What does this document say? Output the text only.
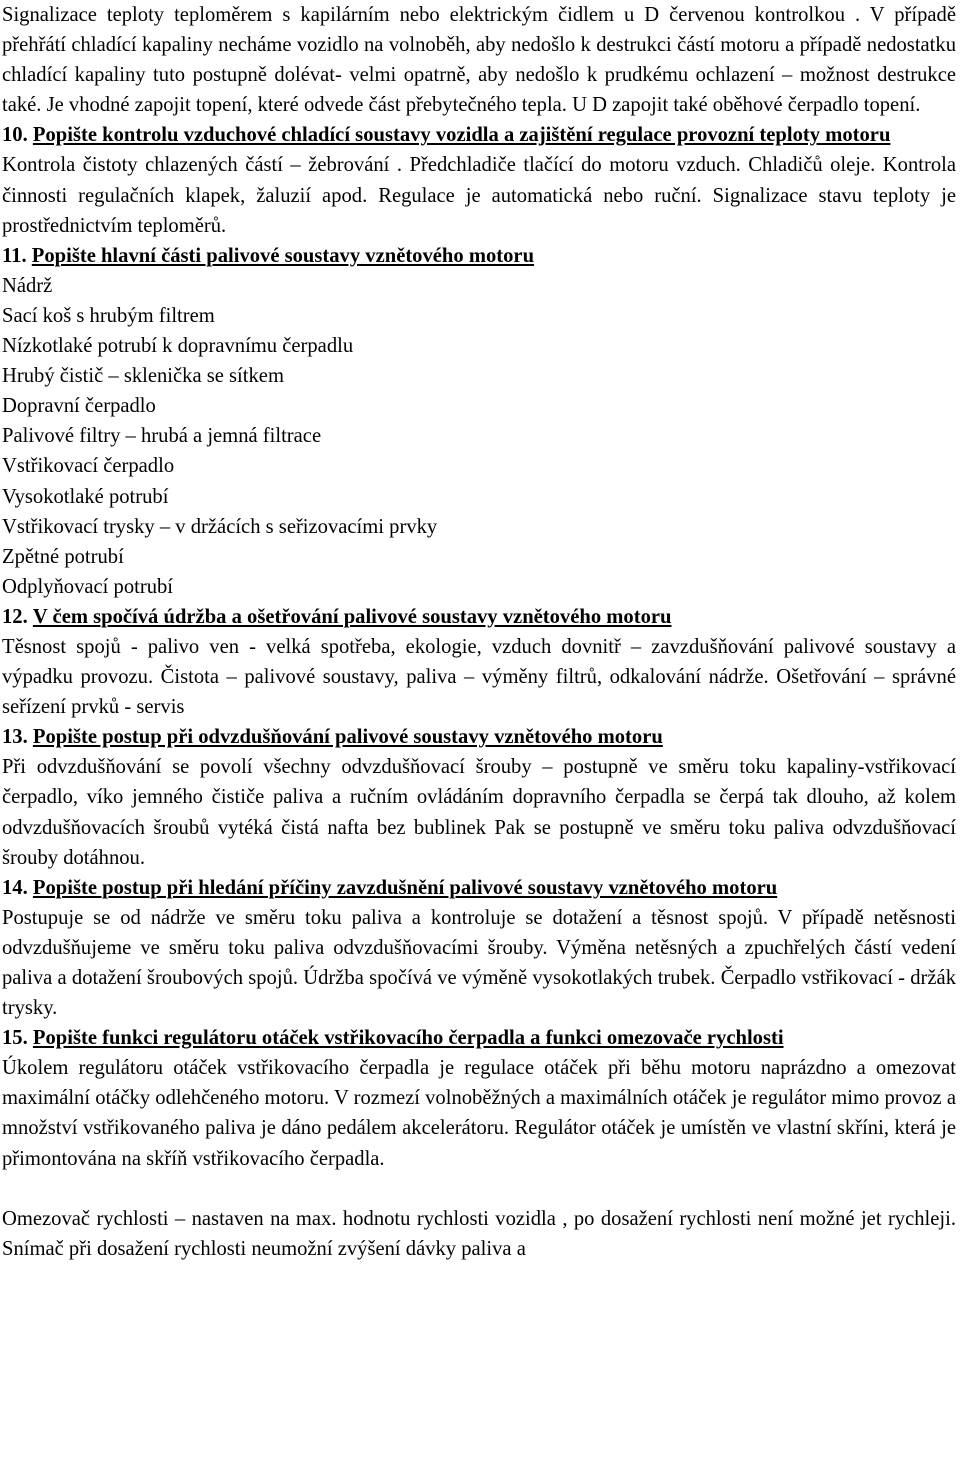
Signalizace teploty teploměrem s kapilárním nebo elektrickým čidlem u D červenou kontrolkou . V případě přehřátí chladící kapaliny necháme vozidlo na volnoběh, aby nedošlo k destrukci částí motoru a případě nedostatku chladící kapaliny tuto postupně dolévat- velmi opatrně, aby nedošlo k prudkému ochlazení – možnost destrukce také. Je vhodné zapojit topení, které odvede část přebytečného tepla. U D zapojit také oběhové čerpadlo topení.

10. Popište kontrolu vzduchové chladící soustavy vozidla a zajištění regulace provozní teploty motoru

Kontrola čistoty chlazených částí – žebrování . Předchladiče tlačící do motoru vzduch. Chladičů oleje. Kontrola činnosti regulačních klapek, žaluzií apod. Regulace je automatická nebo ruční. Signalizace stavu teploty je prostřednictvím teploměrů.

11. Popište hlavní části palivové soustavy vznětového motoru

Nádrž
Sací koš s hrubým filtrem
Nízkotlaké potrubí k dopravnímu čerpadlu
Hrubý čistič – sklenička se sítkem
Dopravní čerpadlo
Palivové filtry – hrubá a jemná filtrace
Vstřikovací čerpadlo
Vysokotlaké potrubí
Vstřikovací trysky – v držácích s seřizovacími prvky
Zpětné potrubí
Odplyňovací potrubí

12. V čem spočívá údržba a ošetřování palivové soustavy vznětového motoru

Těsnost spojů - palivo ven - velká spotřeba, ekologie, vzduch dovnitř – zavzdušňování palivové soustavy a výpadku provozu. Čistota – palivové soustavy, paliva – výměny filtrů, odkalování nádrže. Ošetřování – správné seřízení prvků - servis

13. Popište postup při odvzdušňování palivové soustavy vznětového motoru

Při odvzdušňování se povolí všechny odvzdušňovací šrouby – postupně ve směru toku kapaliny-vstřikovací čerpadlo, víko jemného čističe paliva a ručním ovládáním dopravního čerpadla se čerpá tak dlouho, až kolem odvzdušňovacích šroubů vytéká čistá nafta bez bublinek Pak se postupně ve směru toku paliva odvzdušňovací šrouby dotáhnou.

14. Popište postup při hledání příčiny zavzdušnění palivové soustavy vznětového motoru

Postupuje se od nádrže ve směru toku paliva a kontroluje se dotažení a těsnost spojů. V případě netěsnosti odvzdušňujeme ve směru toku paliva odvzdušňovacími šrouby. Výměna netěsných a zpuchřelých částí vedení paliva a dotažení šroubových spojů. Údržba spočívá ve výměně vysokotlakých trubek. Čerpadlo vstřikovací - držák trysky.

15. Popište funkci regulátoru otáček vstřikovacího čerpadla a funkci omezovače rychlosti

Úkolem regulátoru otáček vstřikovacího čerpadla je regulace otáček při běhu motoru naprázdno a omezovat maximální otáčky odlehčeného motoru. V rozmezí volnoběžných a maximálních otáček je regulátor mimo provoz a množství vstřikovaného paliva je dáno pedálem akcelerátoru. Regulátor otáček je umístěn ve vlastní skříni, která je přimontována na skříň vstřikovacího čerpadla.

Omezovač rychlosti – nastaven na max. hodnotu rychlosti vozidla , po dosažení rychlosti není možné jet rychleji. Snímač při dosažení rychlosti neumožní zvýšení dávky paliva a
